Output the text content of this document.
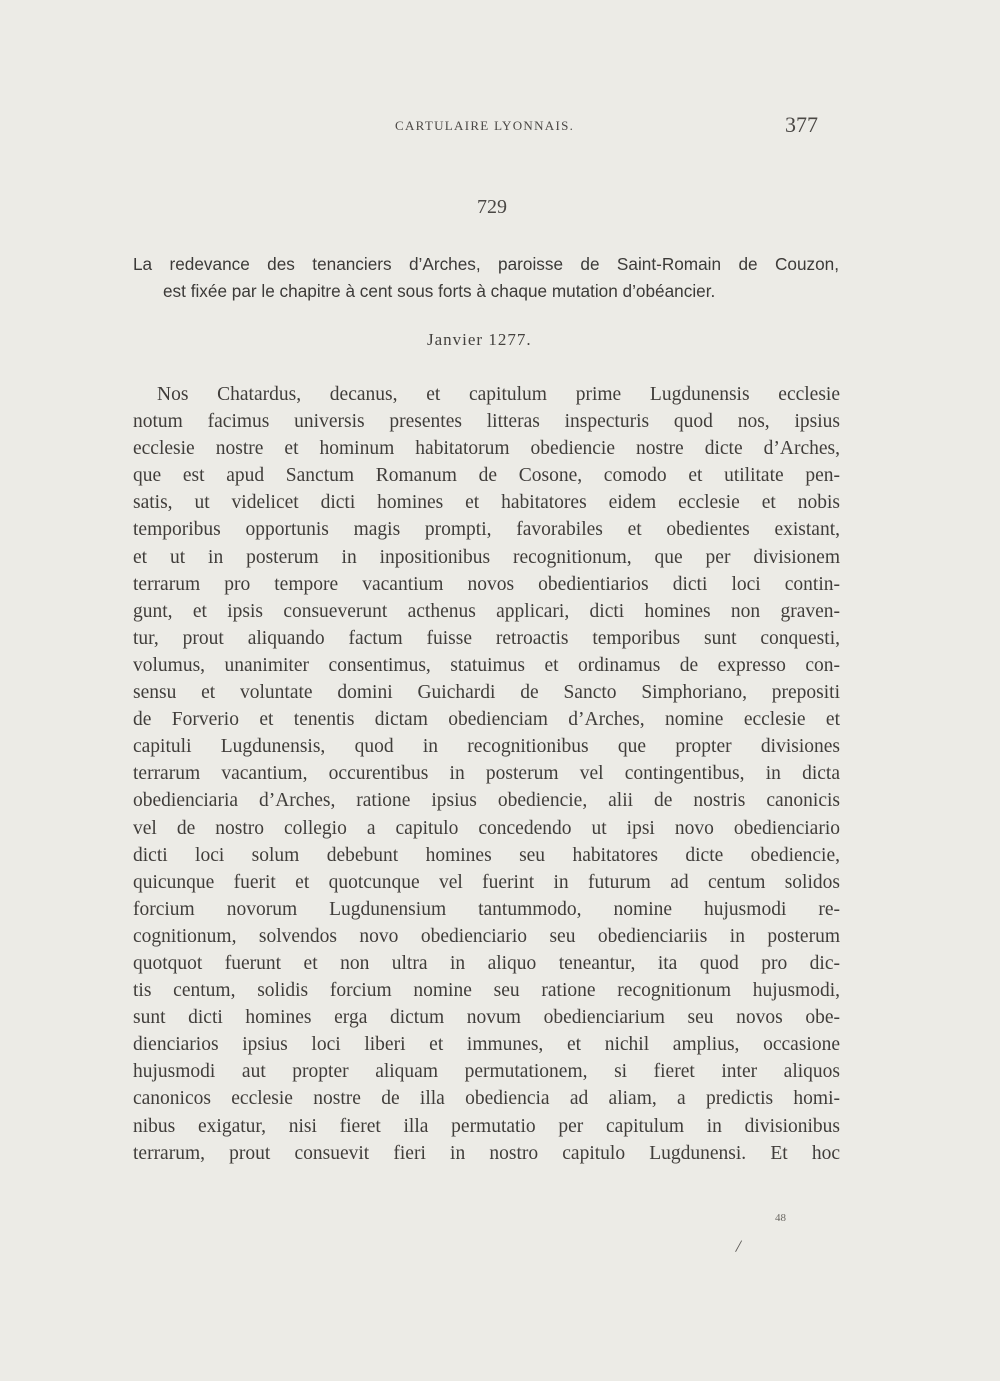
CARTULAIRE LYONNAIS.	377
729
La redevance des tenanciers d’Arches, paroisse de Saint-Romain de Couzon,
est fixée par le chapitre à cent sous forts à chaque mutation d’obéancier.
Janvier 1277.
Nos Chatardus, decanus, et capitulum prime Lugdunensis ecclesie
notum facimus universis presentes litteras inspecturis quod nos, ipsius
ecclesie nostre et hominum habitatorum obediencie nostre dicte d’Arches,
que est apud Sanctum Romanum de Cosone, comodo et utilitate pen-
satis, ut videlicet dicti homines et habitatores eidem ecclesie et nobis
temporibus opportunis magis prompti, favorabiles et obedientes existant,
et ut in posterum in inpositionibus recognitionum, que per divisionem
terrarum pro tempore vacantium novos obedientiarios dicti loci contin-
gunt, et ipsis consueverunt acthenus applicari, dicti homines non graven-
tur, prout aliquando factum fuisse retroactis temporibus sunt conquesti,
volumus, unanimiter consentimus, statuimus et ordinamus de expresso con-
sensu et voluntate domini Guichardi de Sancto Simphoriano, prepositi
de Forverio et tenentis dictam obedienciam d’Arches, nomine ecclesie et
capituli Lugdunensis, quod in recognitionibus que propter divisiones
terrarum vacantium, occurentibus in posterum vel contingentibus, in dicta
obedienciaria d’Arches, ratione ipsius obediencie, alii de nostris canonicis
vel de nostro collegio a capitulo concedendo ut ipsi novo obedienciario
dicti loci solum debebunt homines seu habitatores dicte obediencie,
quicunque fuerit et quotcunque vel fuerint in futurum ad centum solidos
forcium novorum Lugdunensium tantummodo, nomine hujusmodi re-
cognitionum, solvendos novo obedienciario seu obedienciariis in posterum
quotquot fuerunt et non ultra in aliquo teneantur, ita quod pro dic-
tis centum, solidis forcium nomine seu ratione recognitionum hujusmodi,
sunt dicti homines erga dictum novum obedienciarium seu novos obe-
dienciarios ipsius loci liberi et immunes, et nichil amplius, occasione
hujusmodi aut propter aliquam permutationem, si fieret inter aliquos
canonicos ecclesie nostre de illa obediencia ad aliam, a predictis homi-
nibus exigatur, nisi fieret illa permutatio per capitulum in divisionibus
terrarum, prout consuevit fieri in nostro capitulo Lugdunensi. Et hoc
48
/
